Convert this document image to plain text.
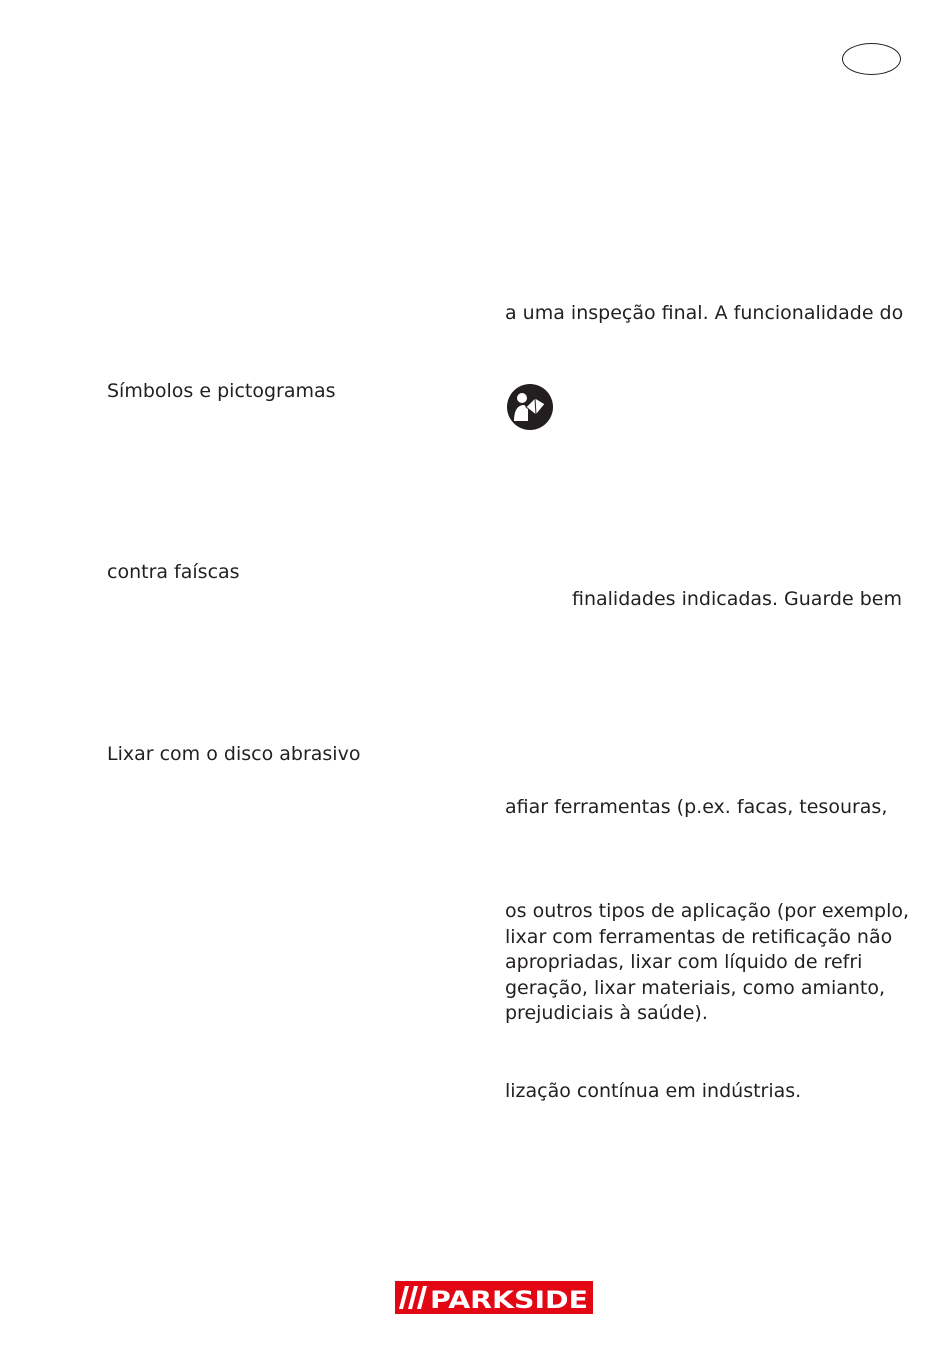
Símbolos e pictogramas
contra faíscas
Lixar com o disco abrasivo
a uma inspeção final. A funcionalidade do
finalidades indicadas. Guarde bem
afiar ferramentas (p.ex. facas, tesouras,
os outros tipos de aplicação (por exemplo,
lixar com ferramentas de retificação não
apropriadas, lixar com líquido de refri
geração, lixar materiais, como amianto,
prejudiciais à saúde).
lização contínua em indústrias.
PARKSIDE
